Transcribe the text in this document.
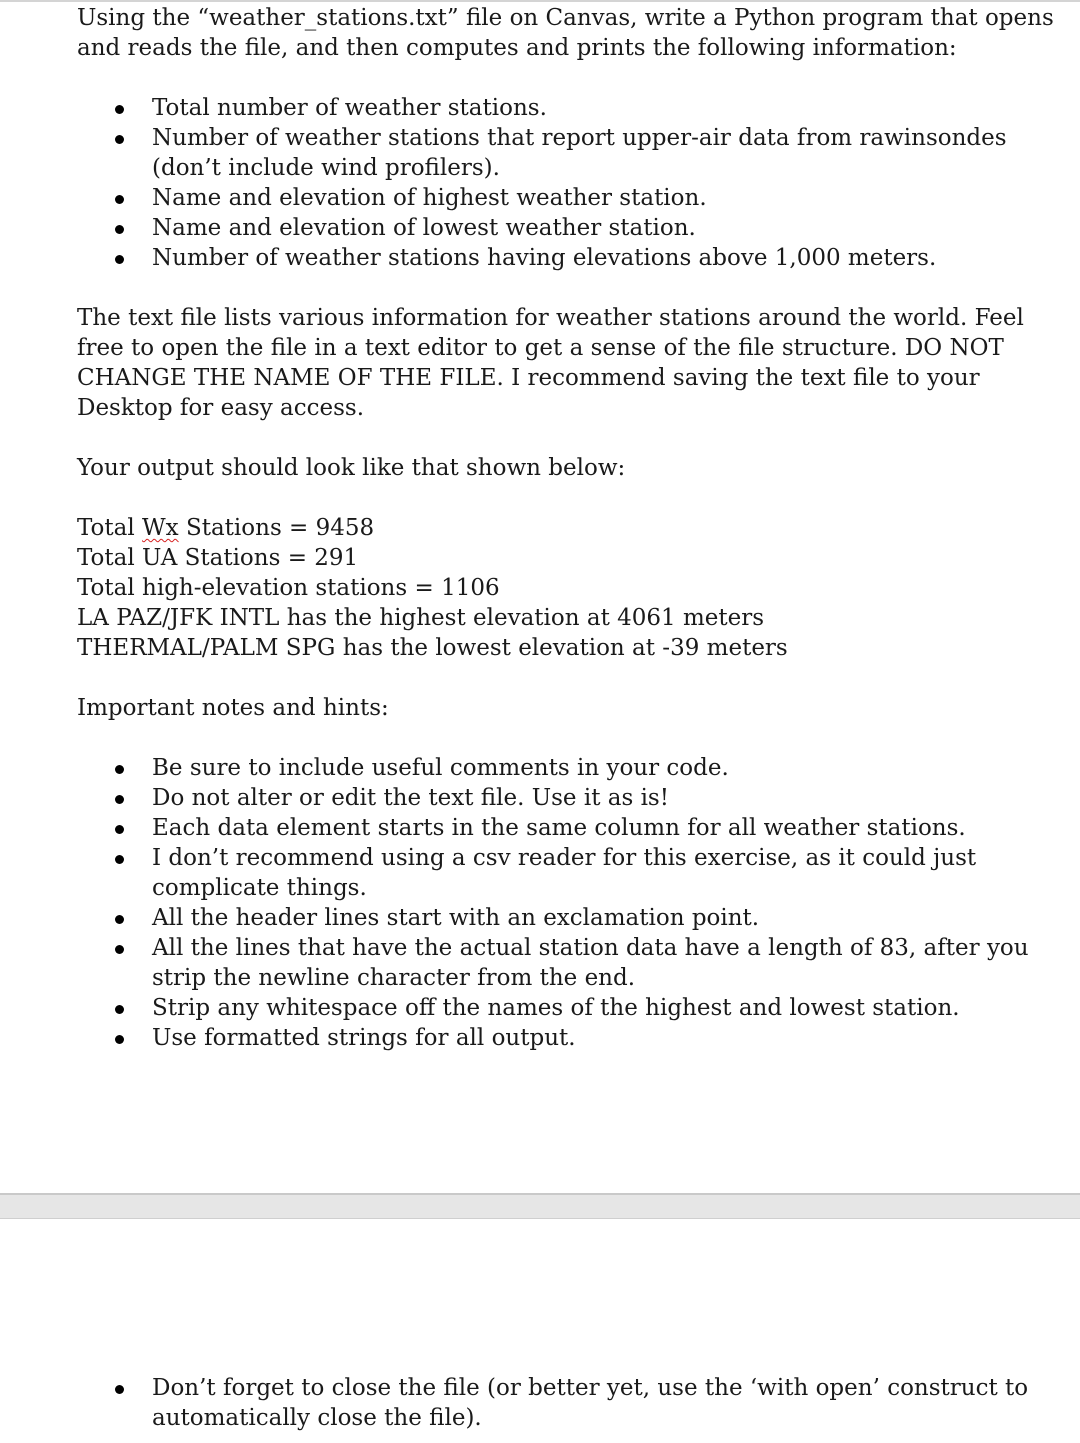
Using the “weather_stations.txt” file on Canvas, write a Python program that opens and reads the file, and then computes and prints the following information:

Total number of weather stations.
Number of weather stations that report upper-air data from rawinsondes (don’t include wind profilers).
Name and elevation of highest weather station.
Name and elevation of lowest weather station.
Number of weather stations having elevations above 1,000 meters.

The text file lists various information for weather stations around the world. Feel free to open the file in a text editor to get a sense of the file structure. DO NOT CHANGE THE NAME OF THE FILE. I recommend saving the text file to your Desktop for easy access.

Your output should look like that shown below:

Total Wx Stations = 9458

Total UA Stations = 291

Total high-elevation stations = 1106

LA PAZ/JFK INTL has the highest elevation at 4061 meters

THERMAL/PALM SPG has the lowest elevation at -39 meters

Important notes and hints:

Be sure to include useful comments in your code.
Do not alter or edit the text file. Use it as is!
Each data element starts in the same column for all weather stations.
I don’t recommend using a csv reader for this exercise, as it could just complicate things.
All the header lines start with an exclamation point.
All the lines that have the actual station data have a length of 83, after you strip the newline character from the end.
Strip any whitespace off the names of the highest and lowest station.
Use formatted strings for all output.
Don’t forget to close the file (or better yet, use the ‘with open’ construct to automatically close the file).
